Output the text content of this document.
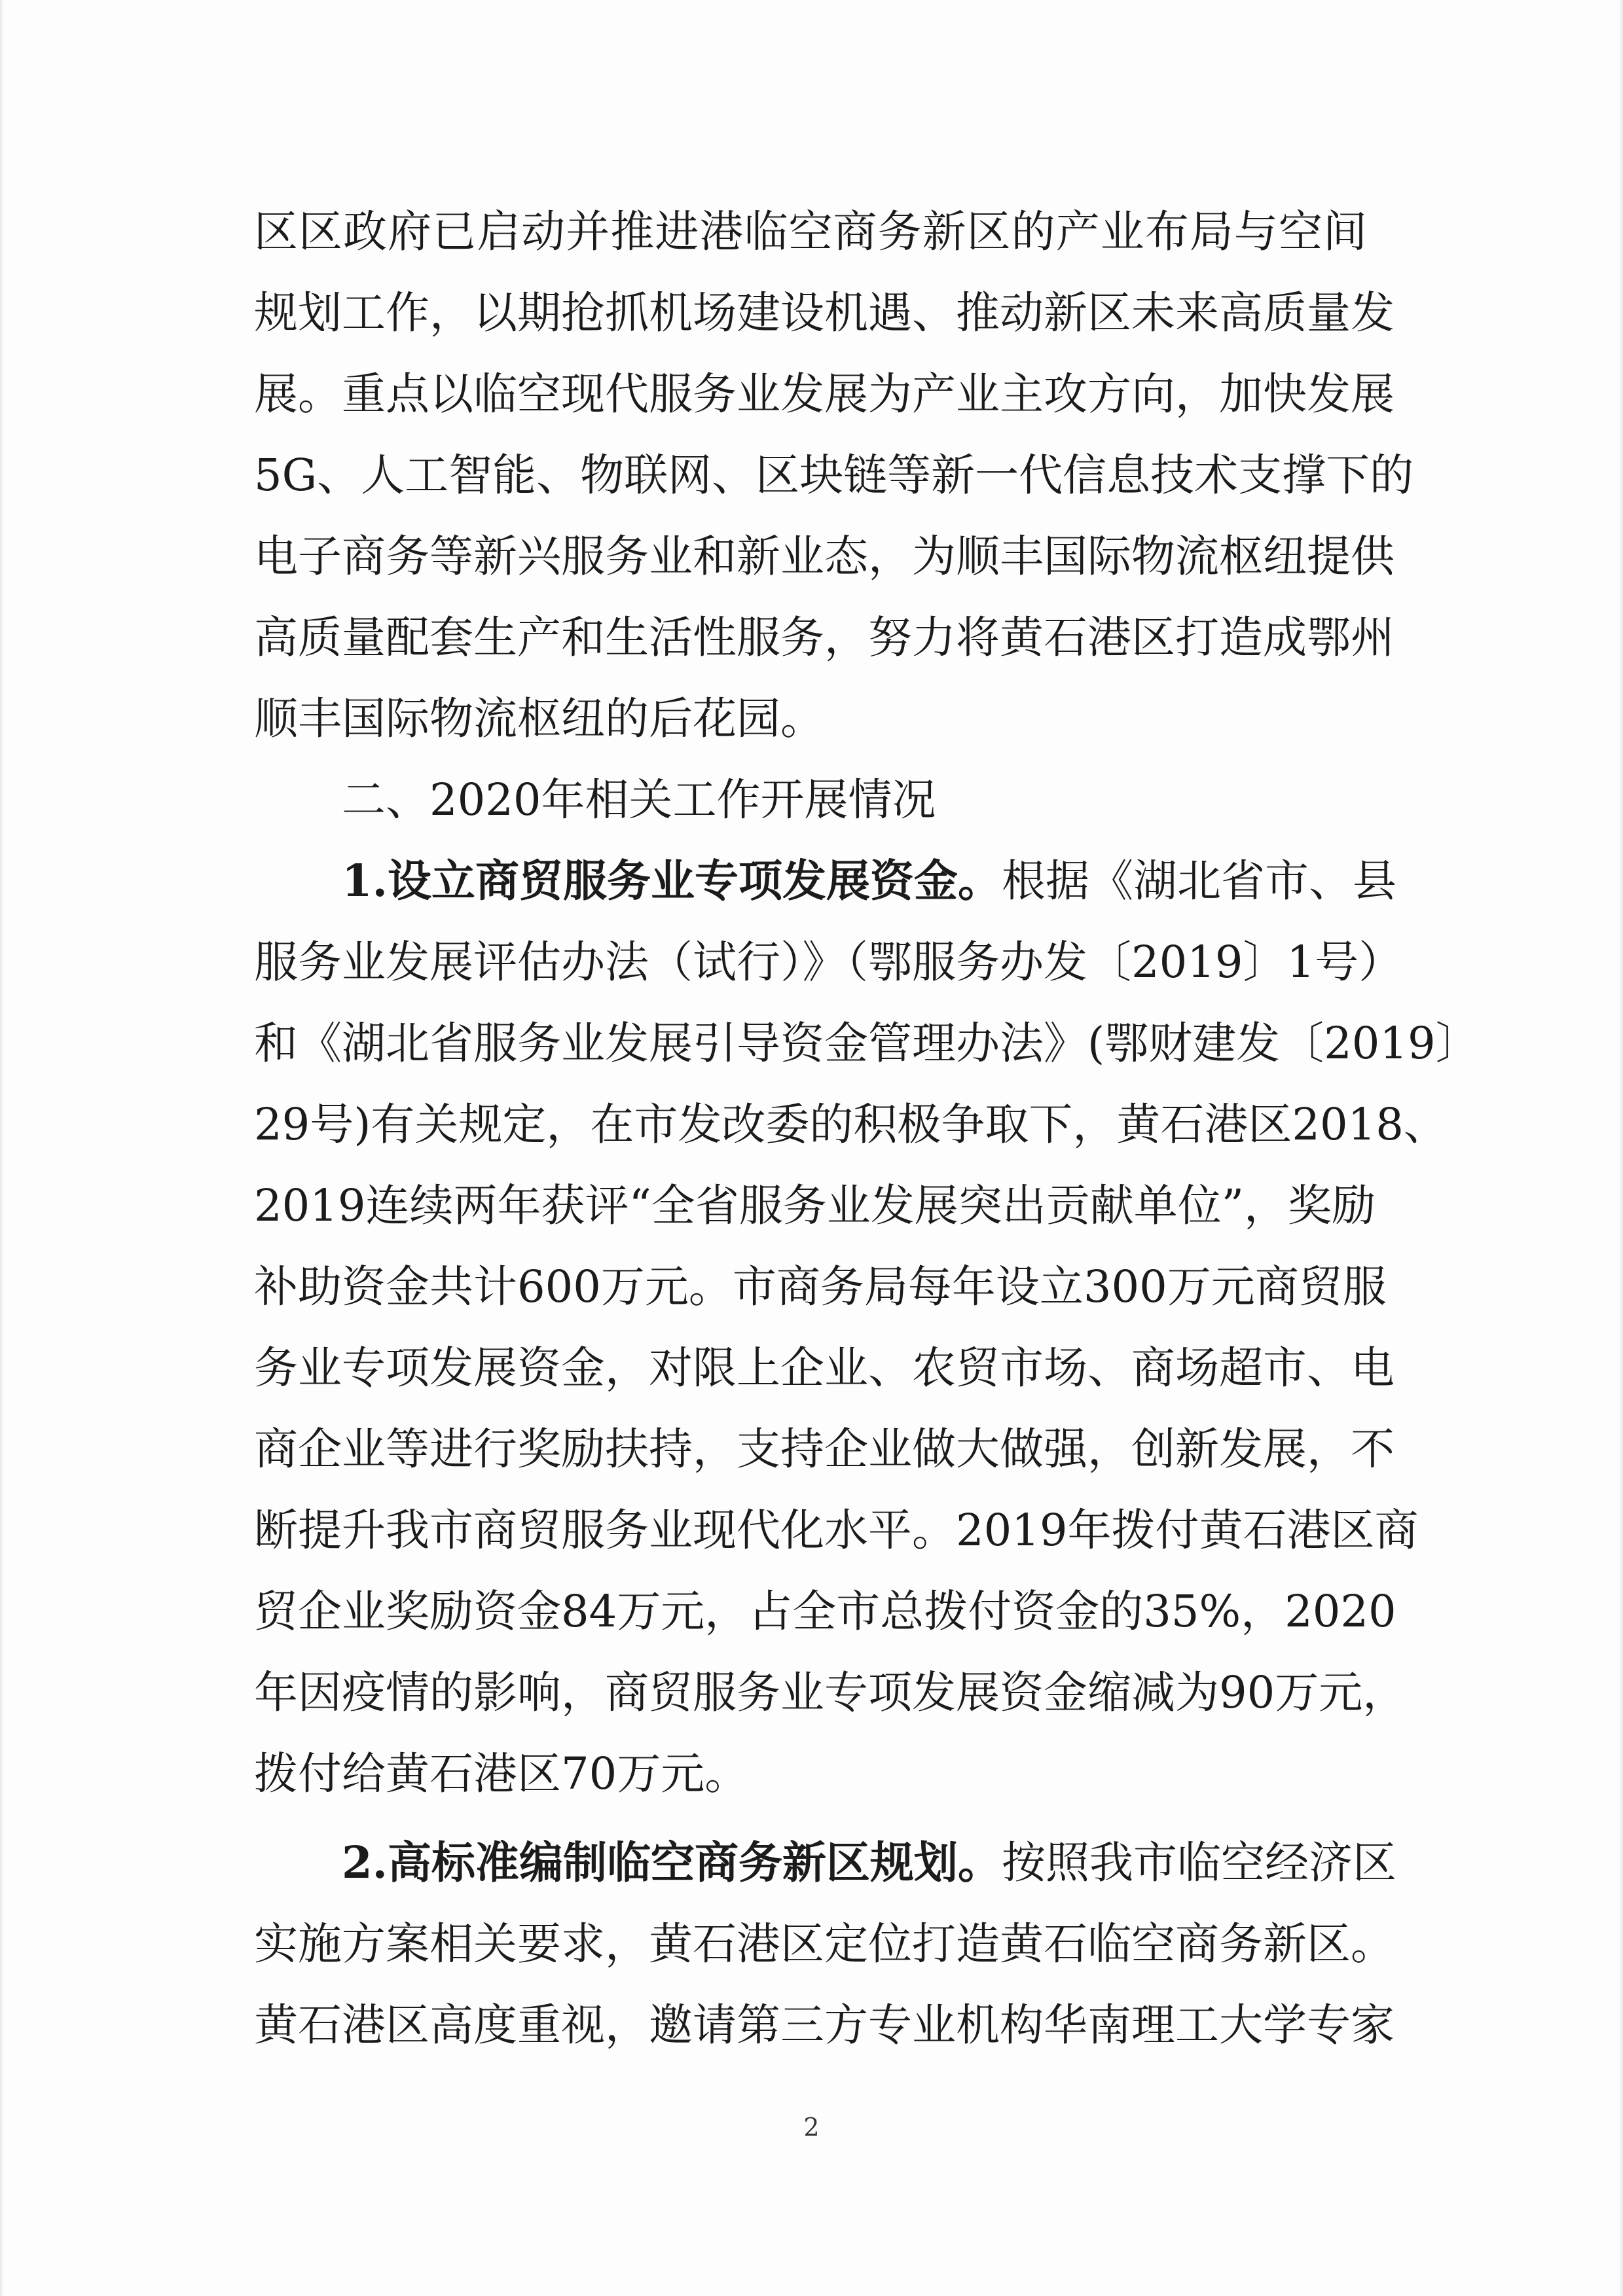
区区政府已启动并推进港临空商务新区的产业布局与空间
规划工作，以期抢抓机场建设机遇、推动新区未来高质量发
展。重点以临空现代服务业发展为产业主攻方向，加快发展
5G、人工智能、物联网、区块链等新一代信息技术支撑下的
电子商务等新兴服务业和新业态，为顺丰国际物流枢纽提供
高质量配套生产和生活性服务，努力将黄石港区打造成鄂州
顺丰国际物流枢纽的后花园。
二、2020年相关工作开展情况
1.设立商贸服务业专项发展资金。根据《湖北省市、县
服务业发展评估办法（试行）》（鄂服务办发〔2019〕1号）
和《湖北省服务业发展引导资金管理办法》(鄂财建发〔2019〕
29号)有关规定，在市发改委的积极争取下，黄石港区2018、
2019连续两年获评“全省服务业发展突出贡献单位”，奖励
补助资金共计600万元。市商务局每年设立300万元商贸服
务业专项发展资金，对限上企业、农贸市场、商场超市、电
商企业等进行奖励扶持，支持企业做大做强，创新发展，不
断提升我市商贸服务业现代化水平。2019年拨付黄石港区商
贸企业奖励资金84万元，占全市总拨付资金的35%，2020
年因疫情的影响，商贸服务业专项发展资金缩减为90万元，
拨付给黄石港区70万元。
2.高标准编制临空商务新区规划。按照我市临空经济区
实施方案相关要求，黄石港区定位打造黄石临空商务新区。
黄石港区高度重视，邀请第三方专业机构华南理工大学专家
2
